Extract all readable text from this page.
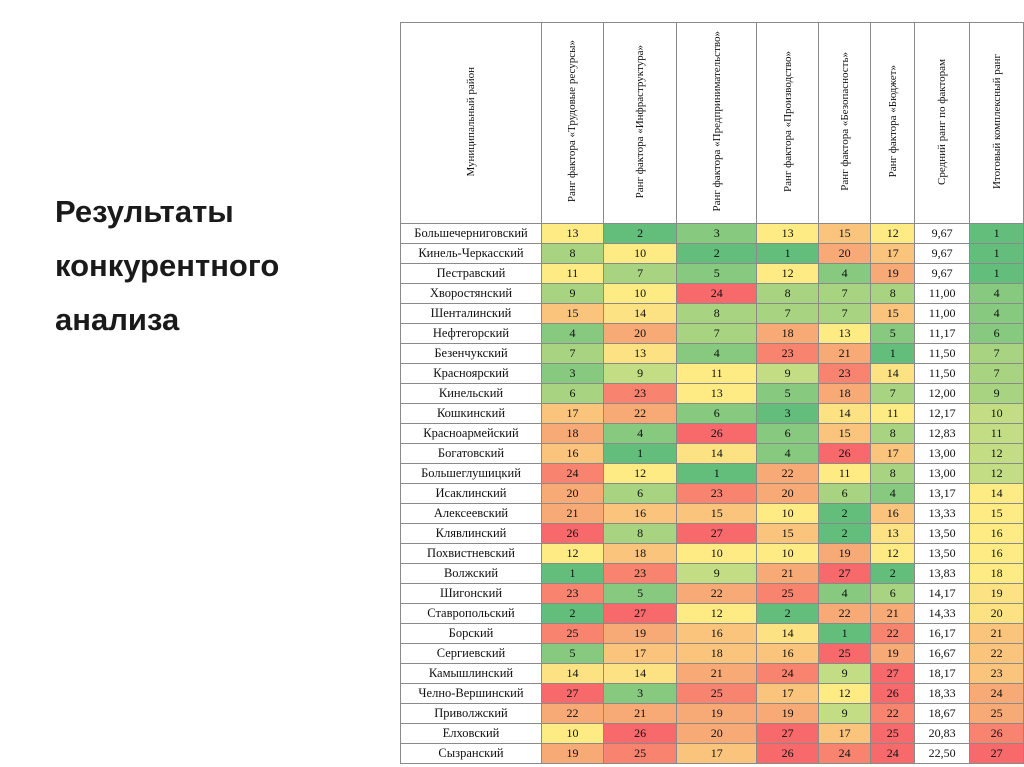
Результаты
конкурентного
анализа
Муниципальный район	Ранг фактора «Трудовые ресурсы»	Ранг фактора «Инфраструктура»	Ранг фактора «Предпринимательство»	Ранг фактора «Производство»	Ранг фактора «Безопасность»	Ранг фактора «Бюджет»	Средний ранг по факторам	Итоговый комплексный ранг
Большечерниговский	13	2	3	13	15	12	9,67	1
Кинель-Черкасский	8	10	2	1	20	17	9,67	1
Пестравский	11	7	5	12	4	19	9,67	1
Хворостянский	9	10	24	8	7	8	11,00	4
Шенталинский	15	14	8	7	7	15	11,00	4
Нефтегорский	4	20	7	18	13	5	11,17	6
Безенчукский	7	13	4	23	21	1	11,50	7
Красноярский	3	9	11	9	23	14	11,50	7
Кинельский	6	23	13	5	18	7	12,00	9
Кошкинский	17	22	6	3	14	11	12,17	10
Красноармейский	18	4	26	6	15	8	12,83	11
Богатовский	16	1	14	4	26	17	13,00	12
Большеглушицкий	24	12	1	22	11	8	13,00	12
Исаклинский	20	6	23	20	6	4	13,17	14
Алексеевский	21	16	15	10	2	16	13,33	15
Клявлинский	26	8	27	15	2	13	13,50	16
Похвистневский	12	18	10	10	19	12	13,50	16
Волжский	1	23	9	21	27	2	13,83	18
Шигонский	23	5	22	25	4	6	14,17	19
Ставропольский	2	27	12	2	22	21	14,33	20
Борский	25	19	16	14	1	22	16,17	21
Сергиевский	5	17	18	16	25	19	16,67	22
Камышлинский	14	14	21	24	9	27	18,17	23
Челно-Вершинский	27	3	25	17	12	26	18,33	24
Приволжский	22	21	19	19	9	22	18,67	25
Елховский	10	26	20	27	17	25	20,83	26
Сызранский	19	25	17	26	24	24	22,50	27
